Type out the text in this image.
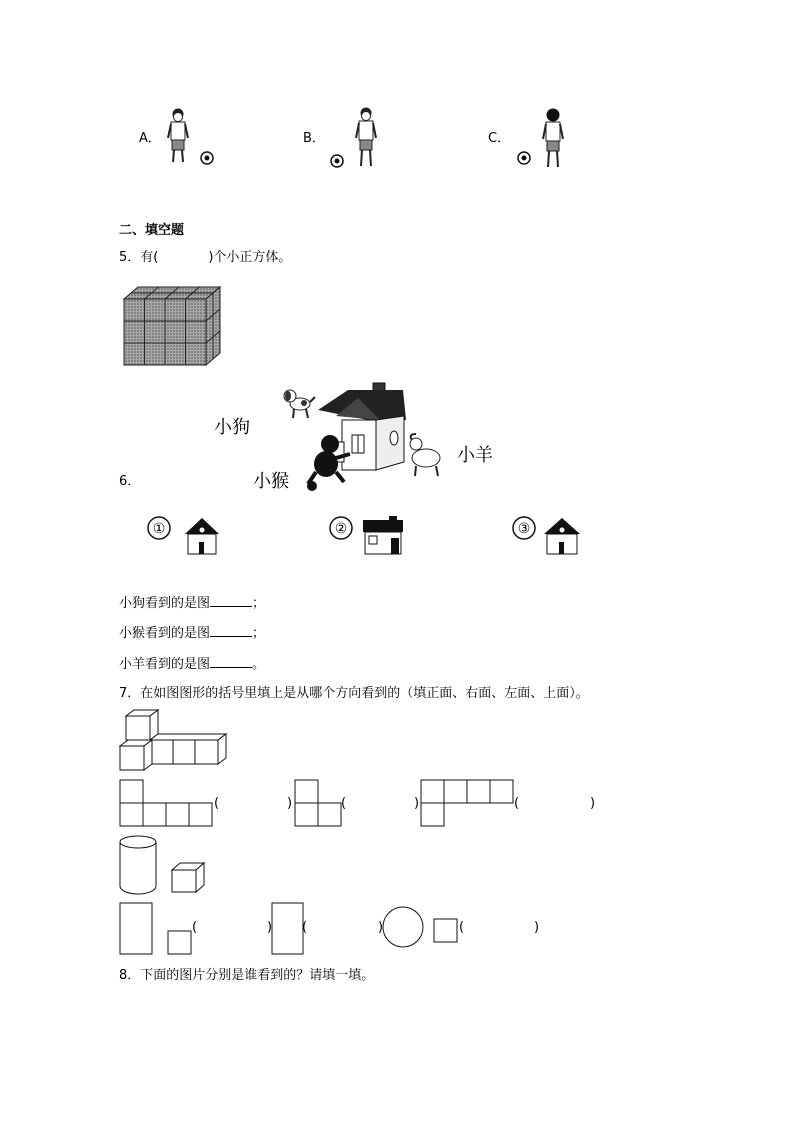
A．	B．	C．
二、填空题
5．有(	)个小正方体。
小狗
小猴
小羊
6．
①	②	③
小狗看到的是图	；
小猴看到的是图	；
小羊看到的是图	。
7．在如图图形的括号里填上是从哪个方向看到的（填正面、右面、左面、上面）。
(	)	(	)	(	)
(	) (	)	(	)
8．下面的图片分别是谁看到的？请填一填。
